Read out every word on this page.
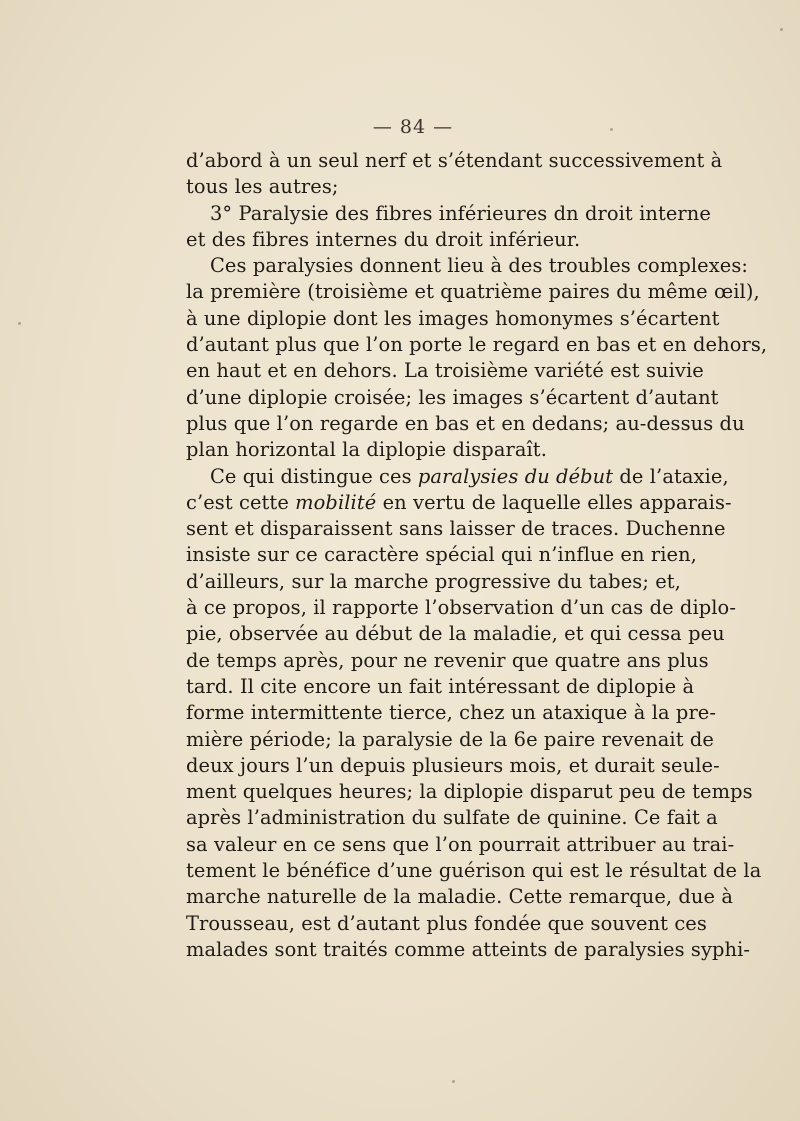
— 84 —
d’abord à un seul nerf et s’étendant successivement à
tous les autres;
3° Paralysie des fibres inférieures dn droit interne
et des fibres internes du droit inférieur.
Ces paralysies donnent lieu à des troubles complexes:
la première (troisième et quatrième paires du même œil),
à une diplopie dont les images homonymes s’écartent
d’autant plus que l’on porte le regard en bas et en dehors,
en haut et en dehors. La troisième variété est suivie
d’une diplopie croisée; les images s’écartent d’autant
plus que l’on regarde en bas et en dedans; au-dessus du
plan horizontal la diplopie disparaît.
Ce qui distingue ces paralysies du début de l’ataxie,
c’est cette mobilité en vertu de laquelle elles apparais-
sent et disparaissent sans laisser de traces. Duchenne
insiste sur ce caractère spécial qui n’influe en rien,
d’ailleurs, sur la marche progressive du tabes; et,
à ce propos, il rapporte l’observation d’un cas de diplo-
pie, observée au début de la maladie, et qui cessa peu
de temps après, pour ne revenir que quatre ans plus
tard. Il cite encore un fait intéressant de diplopie à
forme intermittente tierce, chez un ataxique à la pre-
mière période; la paralysie de la 6e paire revenait de
deux jours l’un depuis plusieurs mois, et durait seule-
ment quelques heures; la diplopie disparut peu de temps
après l’administration du sulfate de quinine. Ce fait a
sa valeur en ce sens que l’on pourrait attribuer au trai-
tement le bénéfice d’une guérison qui est le résultat de la
marche naturelle de la maladie. Cette remarque, due à
Trousseau, est d’autant plus fondée que souvent ces
malades sont traités comme atteints de paralysies syphi-
